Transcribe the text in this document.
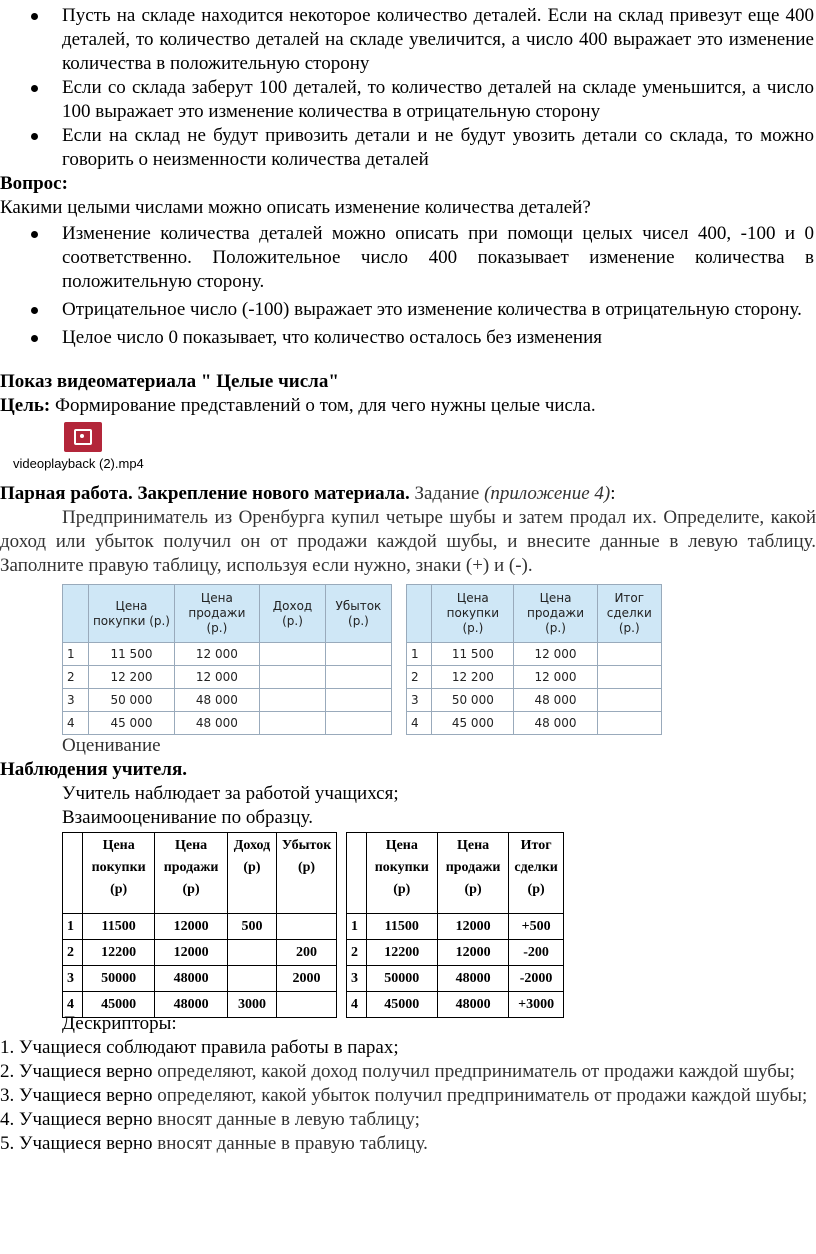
Пусть на складе находится некоторое количество деталей. Если на склад привезут еще 400 деталей, то количество деталей на складе увеличится, а число 400 выражает это изменение количества в положительную сторону
Если со склада заберут 100 деталей, то количество деталей на складе уменьшится, а число 100 выражает это изменение количества в отрицательную сторону
Если на склад не будут привозить детали и не будут увозить детали со склада, то можно говорить о неизменности количества деталей

Вопрос:

Какими целыми числами можно описать изменение количества деталей?

Изменение количества деталей можно описать при помощи целых чисел 400, -100 и 0 соответственно. Положительное число 400 показывает изменение количества в положительную сторону.
Отрицательное число (-100) выражает это изменение количества в отрицательную сторону.
Целое число 0 показывает, что количество осталось без изменения

Показ видеоматериала " Целые числа"

Цель: Формирование представлений о том, для чего нужны целые числа.

videoplayback (2).mp4

Парная работа. Закрепление нового материала. Задание (приложение 4):

Предприниматель из Оренбурга купил четыре шубы и затем продал их. Определите, какой доход или убыток получил он от продажи каждой шубы, и внесите данные в левую таблицу. Заполните правую таблицу, используя если нужно, знаки (+) и (-).

	Цена покупки (р.)	Цена продажи (р.)	Доход (р.)	Убыток (р.)
1	11 500	12 000		
2	12 200	12 000		
3	50 000	48 000		
4	45 000	48 000		
	Цена покупки (р.)	Цена продажи (р.)	Итог сделки (р.)
1	11 500	12 000	
2	12 200	12 000	
3	50 000	48 000	
4	45 000	48 000	

Оценивание

Наблюдения учителя.

Учитель наблюдает за работой учащихся;

Взаимооценивание по образцу.

	Цена покупки (р)	Цена продажи (р)	Доход (р)	Убыток (р)
1	11500	12000	500	
2	12200	12000		200
3	50000	48000		2000
4	45000	48000	3000	
	Цена покупки (р)	Цена продажи (р)	Итог сделки (р)
1	11500	12000	+500
2	12200	12000	-200
3	50000	48000	-2000
4	45000	48000	+3000

Дескрипторы:

1. Учащиеся соблюдают правила работы в парах;

2. Учащиеся верно определяют, какой доход получил предприниматель от продажи каждой шубы;

3. Учащиеся верно определяют, какой убыток получил предприниматель от продажи каждой шубы;

4. Учащиеся верно вносят данные в левую таблицу;

5. Учащиеся верно вносят данные в правую таблицу.
